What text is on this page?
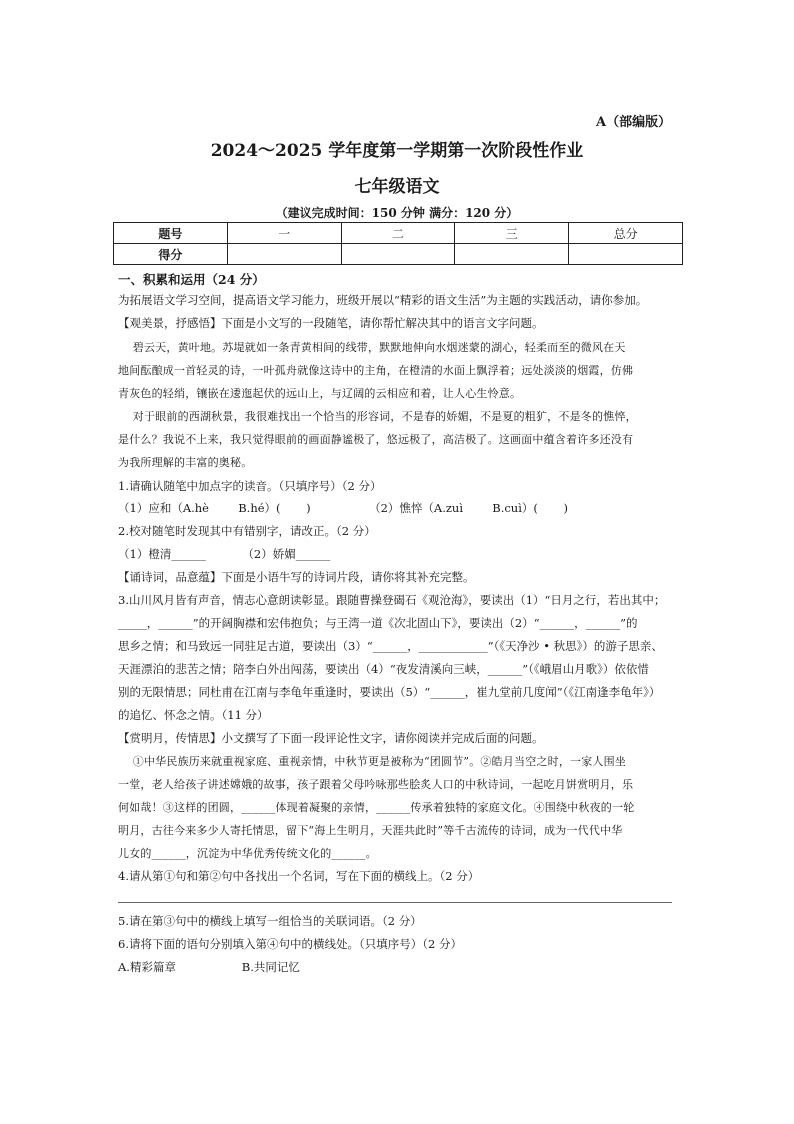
A（部编版）
2024～2025 学年度第一学期第一次阶段性作业
七年级语文
（建议完成时间：150 分钟 满分：120 分）
题号	一	二	三	总分
得分				
一、积累和运用（24 分）
为拓展语文学习空间，提高语文学习能力，班级开展以“精彩的语文生活”为主题的实践活动，请你参加。
【观美景，抒感悟】下面是小文写的一段随笔，请你帮忙解决其中的语言文字问题。
碧云天，黄叶地。苏堤就如一条青黄相间的线带，默默地伸向水烟迷蒙的湖心，轻柔而至的微风在天
地间酝酿成一首轻灵的诗，一叶孤舟就像这诗中的主角，在橙清的水面上飘浮着；远处淡淡的烟霞，仿佛
青灰色的轻绡，镶嵌在逶迤起伏的远山上，与辽阔的云相应和着，让人心生怜意。
对于眼前的西湖秋景，我很难找出一个恰当的形容词，不是春的娇媚，不是夏的粗犷，不是冬的憔悴，
是什么？我说不上来，我只觉得眼前的画面静谧极了，悠远极了，高洁极了。这画面中蕴含着许多还没有
为我所理解的丰富的奥秘。
1.请确认随笔中加点字的读音。（只填序号）（2 分）
（1）应和（A.hè        B.hé）(       )                （2）憔悴（A.zuì        B.cuì）(       )
2.校对随笔时发现其中有错别字，请改正。（2 分）
（1）橙清______          （2）娇媚______
【诵诗词，品意蕴】下面是小语牛写的诗词片段，请你将其补充完整。
3.山川风月皆有声音，情志心意朗读彰显。跟随曹操登碣石《观沧海》，要读出（1）“日月之行，若出其中；
_____，______”的开阔胸襟和宏伟抱负；与王湾一道《次北固山下》，要读出（2）“______，______”的
思乡之情；和马致远一同驻足古道，要读出（3）“______，____________”（《天净沙 • 秋思》）的游子思亲、
天涯漂泊的悲苦之情；陪李白外出闯荡，要读出（4）“夜发清溪向三峡，______”（《峨眉山月歌》）依依惜
别的无限情思；同杜甫在江南与李龟年重逢时，要读出（5）“______，崔九堂前几度闻”（《江南逢李龟年》）
的追忆、怀念之情。（11 分）
【赏明月，传情思】小文撰写了下面一段评论性文字，请你阅读并完成后面的问题。
①中华民族历来就重视家庭、重视亲情，中秋节更是被称为“团圆节”。②皓月当空之时，一家人围坐
一堂，老人给孩子讲述嫦娥的故事，孩子跟着父母吟咏那些脍炙人口的中秋诗词，一起吃月饼赏明月，乐
何如哉！③这样的团圆，______体现着凝聚的亲情，______传承着独特的家庭文化。④围绕中秋夜的一轮
明月，古往今来多少人寄托情思，留下“海上生明月，天涯共此时”等千古流传的诗词，成为一代代中华
儿女的______，沉淀为中华优秀传统文化的______。
4.请从第①句和第②句中各找出一个名词，写在下面的横线上。（2 分）
5.请在第③句中的横线上填写一组恰当的关联词语。（2 分）
6.请将下面的语句分别填入第④句中的横线处。（只填序号）（2 分）
A.精彩篇章                  B.共同记忆
